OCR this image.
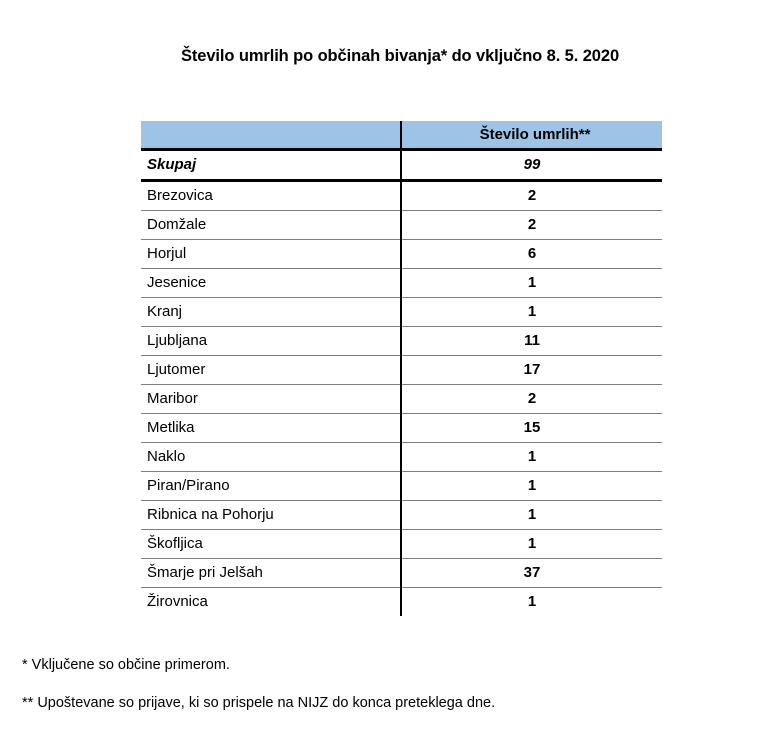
Število umrlih po občinah bivanja* do vključno 8. 5. 2020
	Število umrlih**
Skupaj	99
Brezovica	2
Domžale	2
Horjul	6
Jesenice	1
Kranj	1
Ljubljana	11
Ljutomer	17
Maribor	2
Metlika	15
Naklo	1
Piran/Pirano	1
Ribnica na Pohorju	1
Škofljica	1
Šmarje pri Jelšah	37
Žirovnica	1
* Vključene so občine primerom.
** Upoštevane so prijave, ki so prispele na NIJZ do konca preteklega dne.
